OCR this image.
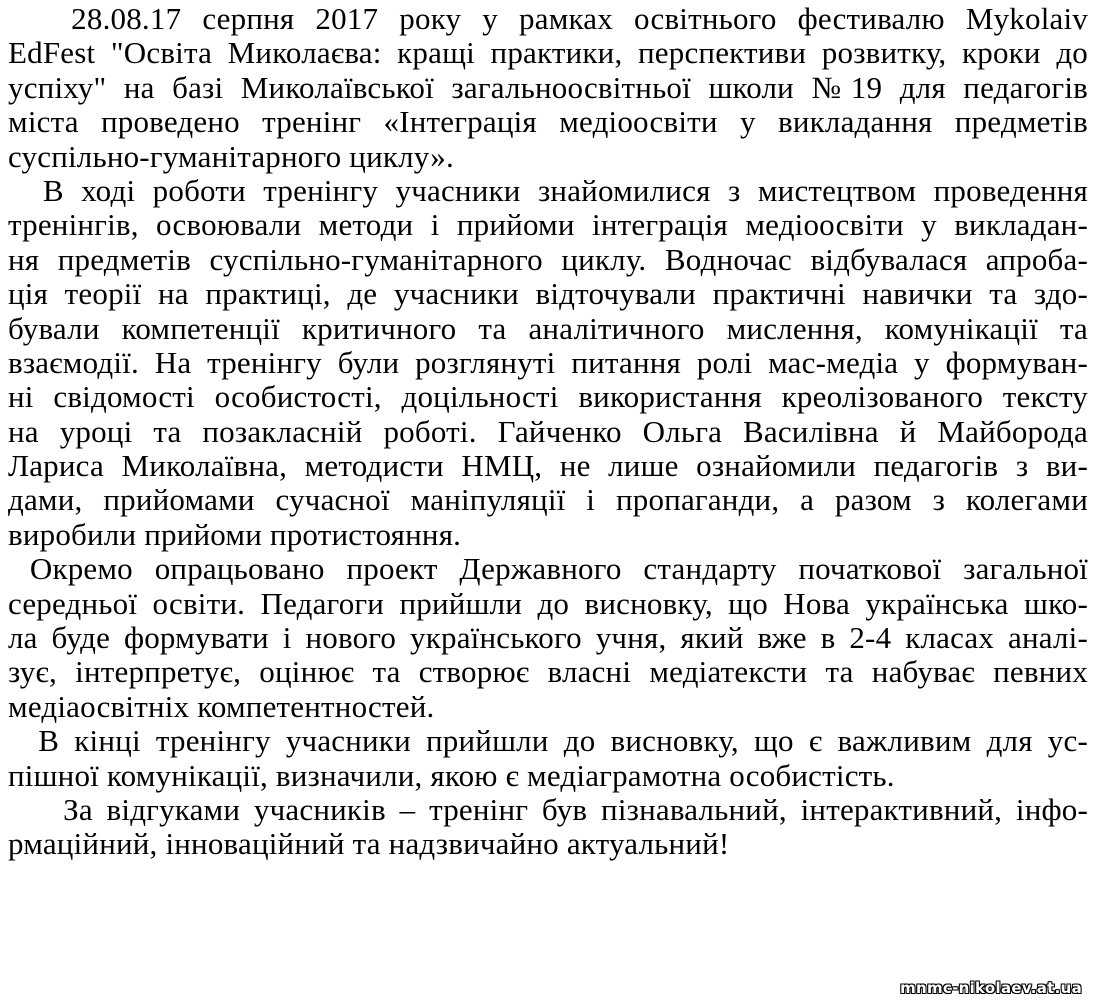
28.08.17 серпня 2017 року у рамках освітнього фестивалю Mykolaiv
EdFest "Освіта Миколаєва: кращі практики, перспективи розвитку, кроки до
успіху" на базі Миколаївської загальноосвітньої школи №19 для педагогів
міста проведено тренінг «Інтеграція медіоосвіти у викладання предметів
суспільно-гуманітарного циклу».
В ході роботи тренінгу учасники знайомилися з мистецтвом проведення
тренінгів, освоювали методи і прийоми інтеграція медіоосвіти у викладан-
ня предметів суспільно-гуманітарного циклу. Водночас відбувалася апроба-
ція теорії на практиці, де учасники відточували практичні навички та здо-
бували компетенції критичного та аналітичного мислення, комунікації та
взаємодії. На тренінгу були розглянуті питання ролі мас-медіа у формуван-
ні свідомості особистості, доцільності використання креолізованого тексту
на уроці та позакласній роботі. Гайченко Ольга Василівна й Майборода
Лариса Миколаївна, методисти НМЦ, не лише ознайомили педагогів з ви-
дами, прийомами сучасної маніпуляції і пропаганди, а разом з колегами
виробили прийоми протистояння.
Окремо опрацьовано проект Державного стандарту початкової загальної
середньої освіти. Педагоги прийшли до висновку, що Нова українська шко-
ла буде формувати і нового українського учня, який вже в 2-4 класах аналі-
зує, інтерпретує, оцінює та створює власні медіатексти та набуває певних
медіаосвітніх компетентностей.
В кінці тренінгу учасники прийшли до висновку, що є важливим для ус-
пішної комунікації, визначили, якою є медіаграмотна особистість.
За відгуками учасників – тренінг був пізнавальний, інтерактивний, інфо-
рмаційний, інноваційний та надзвичайно актуальний!
mnmc-nikolaev.at.ua
